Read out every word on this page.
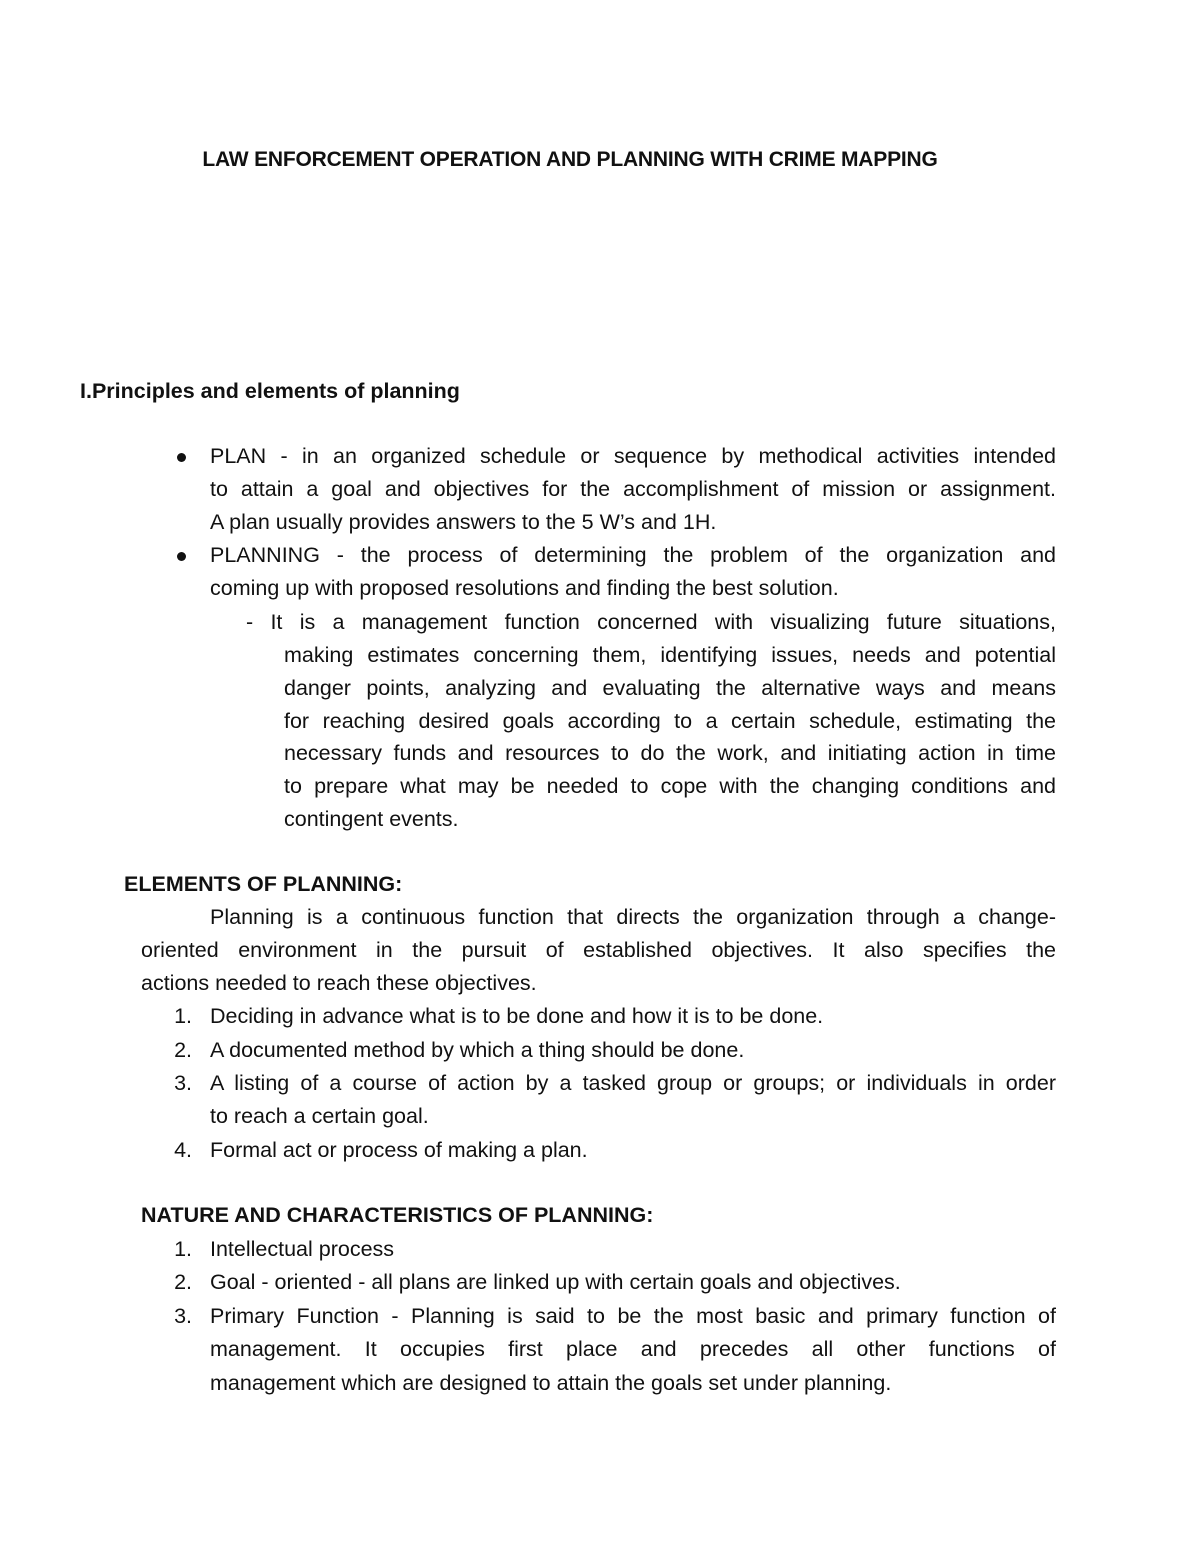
LAW ENFORCEMENT OPERATION AND PLANNING WITH CRIME MAPPING
I.Principles and elements of planning
PLAN - in an organized schedule or sequence by methodical activities intended
to attain a goal and objectives for the accomplishment of mission or assignment.
A plan usually provides answers to the 5 W’s and 1H.
PLANNING - the process of determining the problem of the organization and
coming up with proposed resolutions and finding the best solution.
- It is a management function concerned with visualizing future situations,
making estimates concerning them, identifying issues, needs and potential
danger points, analyzing and evaluating the alternative ways and means
for reaching desired goals according to a certain schedule, estimating the
necessary funds and resources to do the work, and initiating action in time
to prepare what may be needed to cope with the changing conditions and
contingent events.
ELEMENTS OF PLANNING:
Planning is a continuous function that directs the organization through a change-
oriented environment in the pursuit of established objectives. It also specifies the
actions needed to reach these objectives.
1. Deciding in advance what is to be done and how it is to be done.
2. A documented method by which a thing should be done.
3. A listing of a course of action by a tasked group or groups; or individuals in order
to reach a certain goal.
4. Formal act or process of making a plan.
NATURE AND CHARACTERISTICS OF PLANNING:
1. Intellectual process
2. Goal - oriented - all plans are linked up with certain goals and objectives.
3. Primary Function - Planning is said to be the most basic and primary function of
management. It occupies first place and precedes all other functions of
management which are designed to attain the goals set under planning.
